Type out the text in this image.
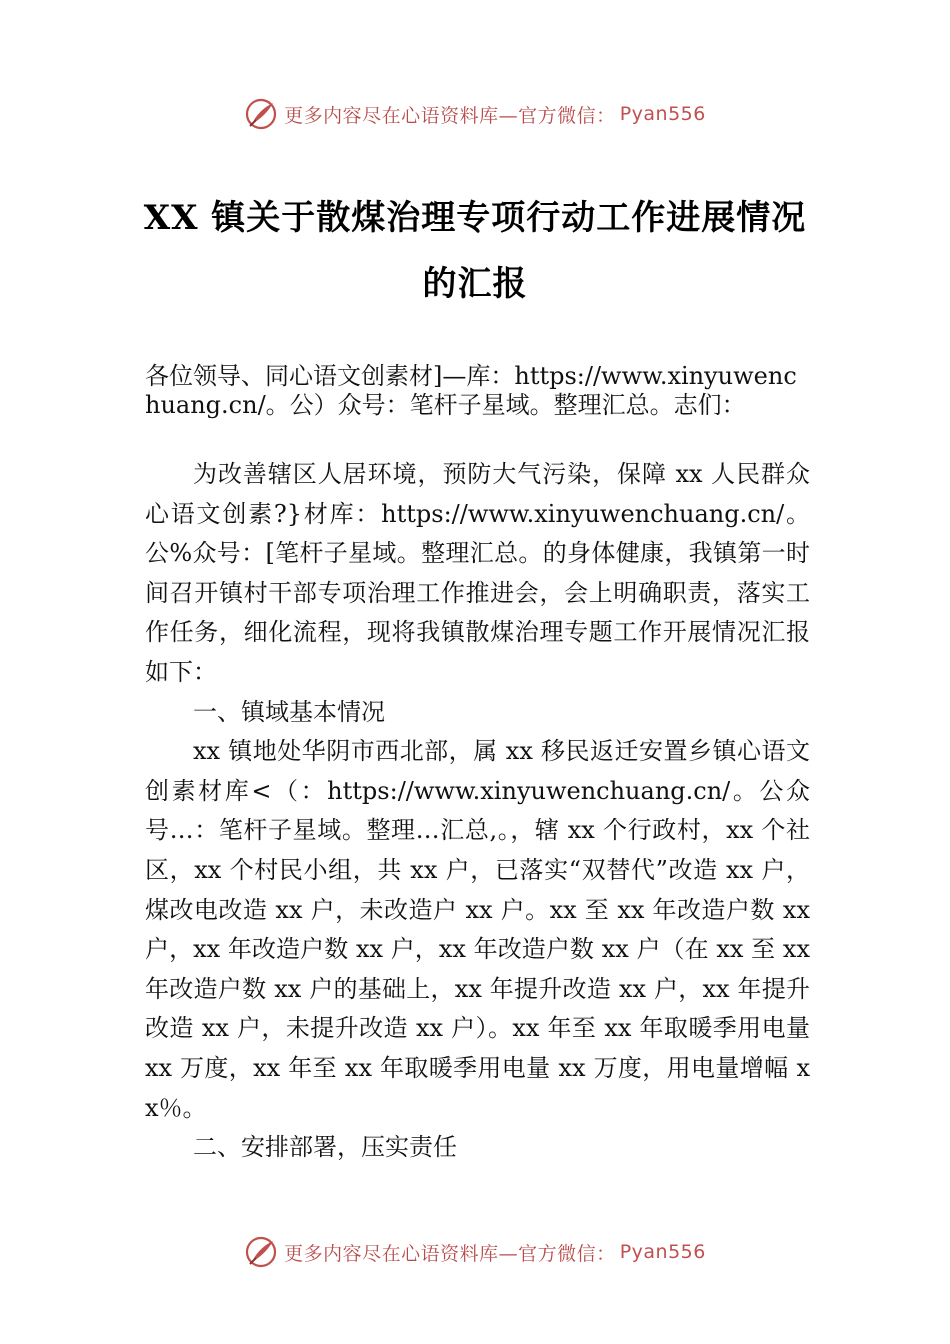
更多内容尽在心语资料库 —官方微信： Pyan556
XX 镇关于散煤治理专项行动工作进展情况
的汇报
各位领导、同心语文创素材]—库：https://www.xinyuwenchuang.cn/。公）众号：笔杆子星域。整理汇总。志们：

为改善辖区人居环境，预防大气污染，保障 xx 人民群众心语文创素?}材库：https://www.xinyuwenchuang.cn/。公%众号：[笔杆子星域。整理汇总。的身体健康，我镇第一时间召开镇村干部专项治理工作推进会，会上明确职责，落实工作任务，细化流程，现将我镇散煤治理专题工作开展情况汇报如下：

一、镇域基本情况

xx 镇地处华阴市西北部，属 xx 移民返迁安置乡镇心语文创素材库<（：https://www.xinyuwenchuang.cn/。公众号…：笔杆子星域。整理…汇总,。，辖 xx 个行政村，xx 个社区，xx 个村民小组，共 xx 户，已落实“双替代”改造 xx 户，煤改电改造 xx 户，未改造户 xx 户。xx 至 xx 年改造户数 xx 户，xx 年改造户数 xx 户，xx 年改造户数 xx 户（在 xx 至 xx 年改造户数 xx 户的基础上，xx 年提升改造 xx 户，xx 年提升改造 xx 户，未提升改造 xx 户）。xx 年至 xx 年取暖季用电量 xx 万度，xx 年至 xx 年取暖季用电量 xx 万度，用电量增幅 xx％。

二、安排部署，压实责任

更多内容尽在心语资料库 —官方微信： Pyan556
